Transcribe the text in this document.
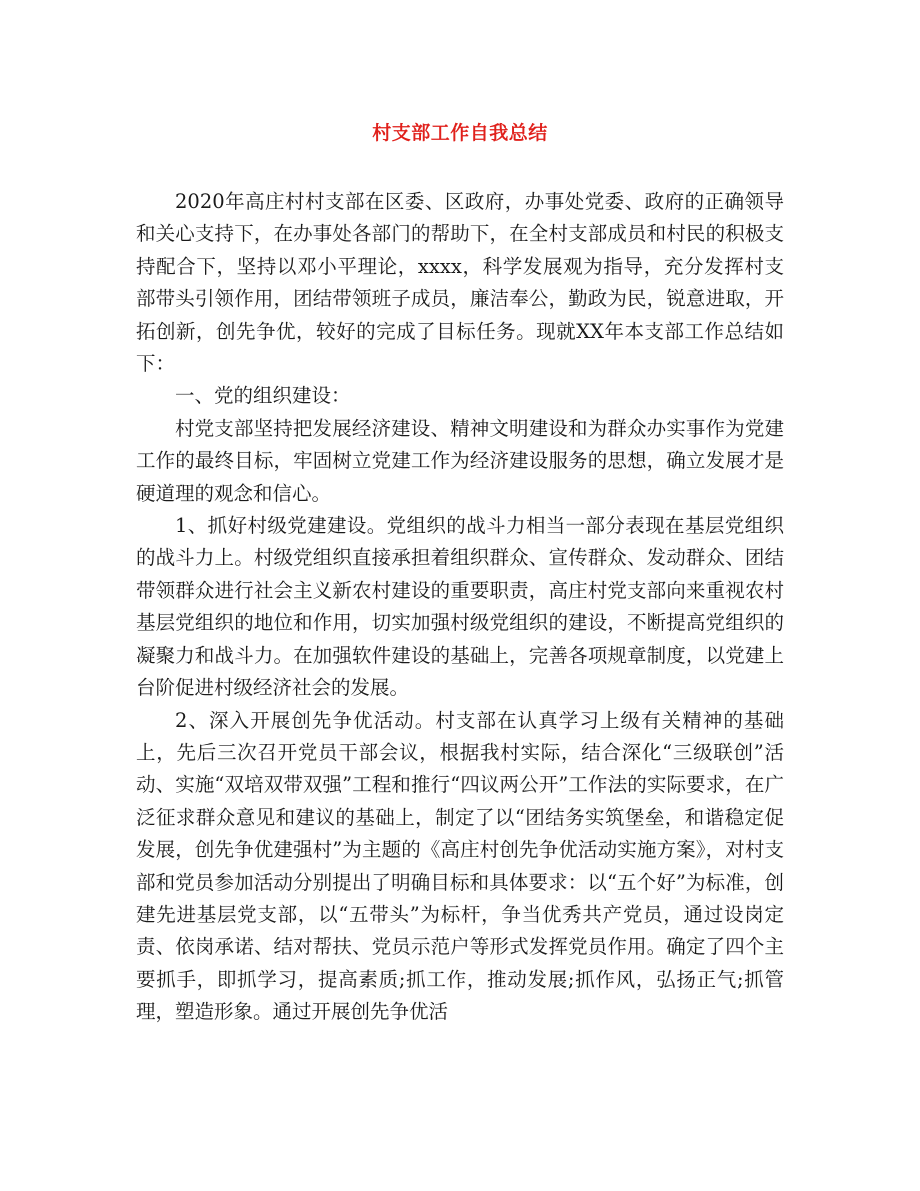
村支部工作自我总结

2020年高庄村村支部在区委、区政府，办事处党委、政府的正确领导和关心支持下，在办事处各部门的帮助下，在全村支部成员和村民的积极支持配合下，坚持以邓小平理论，xxxx，科学发展观为指导，充分发挥村支部带头引领作用，团结带领班子成员，廉洁奉公，勤政为民，锐意进取，开拓创新，创先争优，较好的完成了目标任务。现就XX年本支部工作总结如下：

一、党的组织建设：

村党支部坚持把发展经济建设、精神文明建设和为群众办实事作为党建工作的最终目标，牢固树立党建工作为经济建设服务的思想，确立发展才是硬道理的观念和信心。

1、抓好村级党建建设。党组织的战斗力相当一部分表现在基层党组织的战斗力上。村级党组织直接承担着组织群众、宣传群众、发动群众、团结带领群众进行社会主义新农村建设的重要职责，高庄村党支部向来重视农村基层党组织的地位和作用，切实加强村级党组织的建设，不断提高党组织的凝聚力和战斗力。在加强软件建设的基础上，完善各项规章制度，以党建上台阶促进村级经济社会的发展。

2、深入开展创先争优活动。村支部在认真学习上级有关精神的基础上，先后三次召开党员干部会议，根据我村实际，结合深化“三级联创”活动、实施“双培双带双强”工程和推行“四议两公开”工作法的实际要求，在广泛征求群众意见和建议的基础上，制定了以“团结务实筑堡垒，和谐稳定促发展，创先争优建强村”为主题的《高庄村创先争优活动实施方案》，对村支部和党员参加活动分别提出了明确目标和具体要求：以“五个好”为标准，创建先进基层党支部，以“五带头”为标杆，争当优秀共产党员，通过设岗定责、依岗承诺、结对帮扶、党员示范户等形式发挥党员作用。确定了四个主要抓手，即抓学习，提高素质;抓工作，推动发展;抓作风，弘扬正气;抓管理，塑造形象。通过开展创先争优活
